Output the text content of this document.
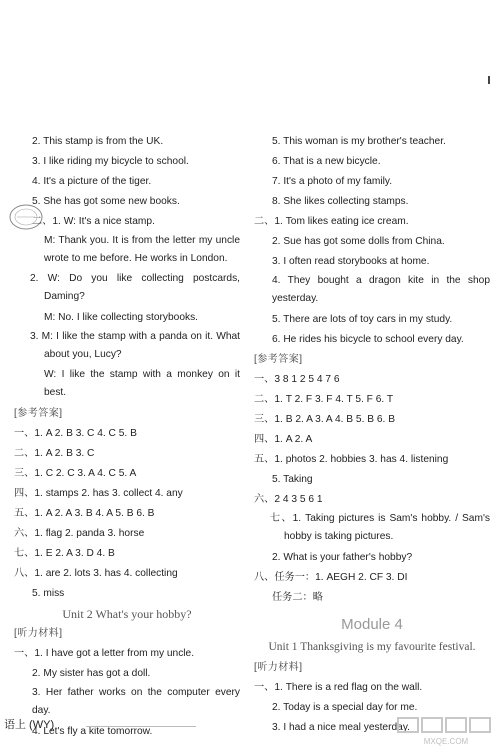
2. This stamp is from the UK.
3. I like riding my bicycle to school.
4. It's a picture of the tiger.
5. She has got some new books.
二、1. W: It's a nice stamp.
M: Thank you. It is from the letter my uncle wrote to me before. He works in London.
2. W: Do you like collecting postcards, Daming?
M: No. I like collecting storybooks.
3. M: I like the stamp with a panda on it. What about you, Lucy?
W: I like the stamp with a monkey on it best.
[参考答案]
一、1. A 2. B 3. C 4. C 5. B
二、1. A 2. B 3. C
三、1. C 2. C 3. A 4. C 5. A
四、1. stamps 2. has 3. collect 4. any
五、1. A 2. A 3. B 4. A 5. B 6. B
六、1. flag 2. panda 3. horse
七、1. E 2. A 3. D 4. B
八、1. are 2. lots 3. has 4. collecting
5. miss
Unit 2 What's your hobby?
[听力材料]
一、1. I have got a letter from my uncle.
2. My sister has got a doll.
3. Her father works on the computer every day.
4. Let's fly a kite tomorrow.
5. This woman is my brother's teacher.
6. That is a new bicycle.
7. It's a photo of my family.
8. She likes collecting stamps.
二、1. Tom likes eating ice cream.
2. Sue has got some dolls from China.
3. I often read storybooks at home.
4. They bought a dragon kite in the shop yesterday.
5. There are lots of toy cars in my study.
6. He rides his bicycle to school every day.
[参考答案]
一、3 8 1 2 5 4 7 6
二、1. T 2. F 3. F 4. T 5. F 6. T
三、1. B 2. A 3. A 4. B 5. B 6. B
四、1. A 2. A
五、1. photos 2. hobbies 3. has 4. listening
5. Taking
六、2 4 3 5 6 1
七、1. Taking pictures is Sam's hobby. / Sam's hobby is taking pictures.
2. What is your father's hobby?
八、任务一：1. AEGH 2. CF 3. DI
任务二：略
Module 4
Unit 1 Thanksgiving is my favourite festival.
[听力材料]
一、1. There is a red flag on the wall.
2. Today is a special day for me.
3. I had a nice meal yesterday.
语上 (WY)
MXQE.COM
